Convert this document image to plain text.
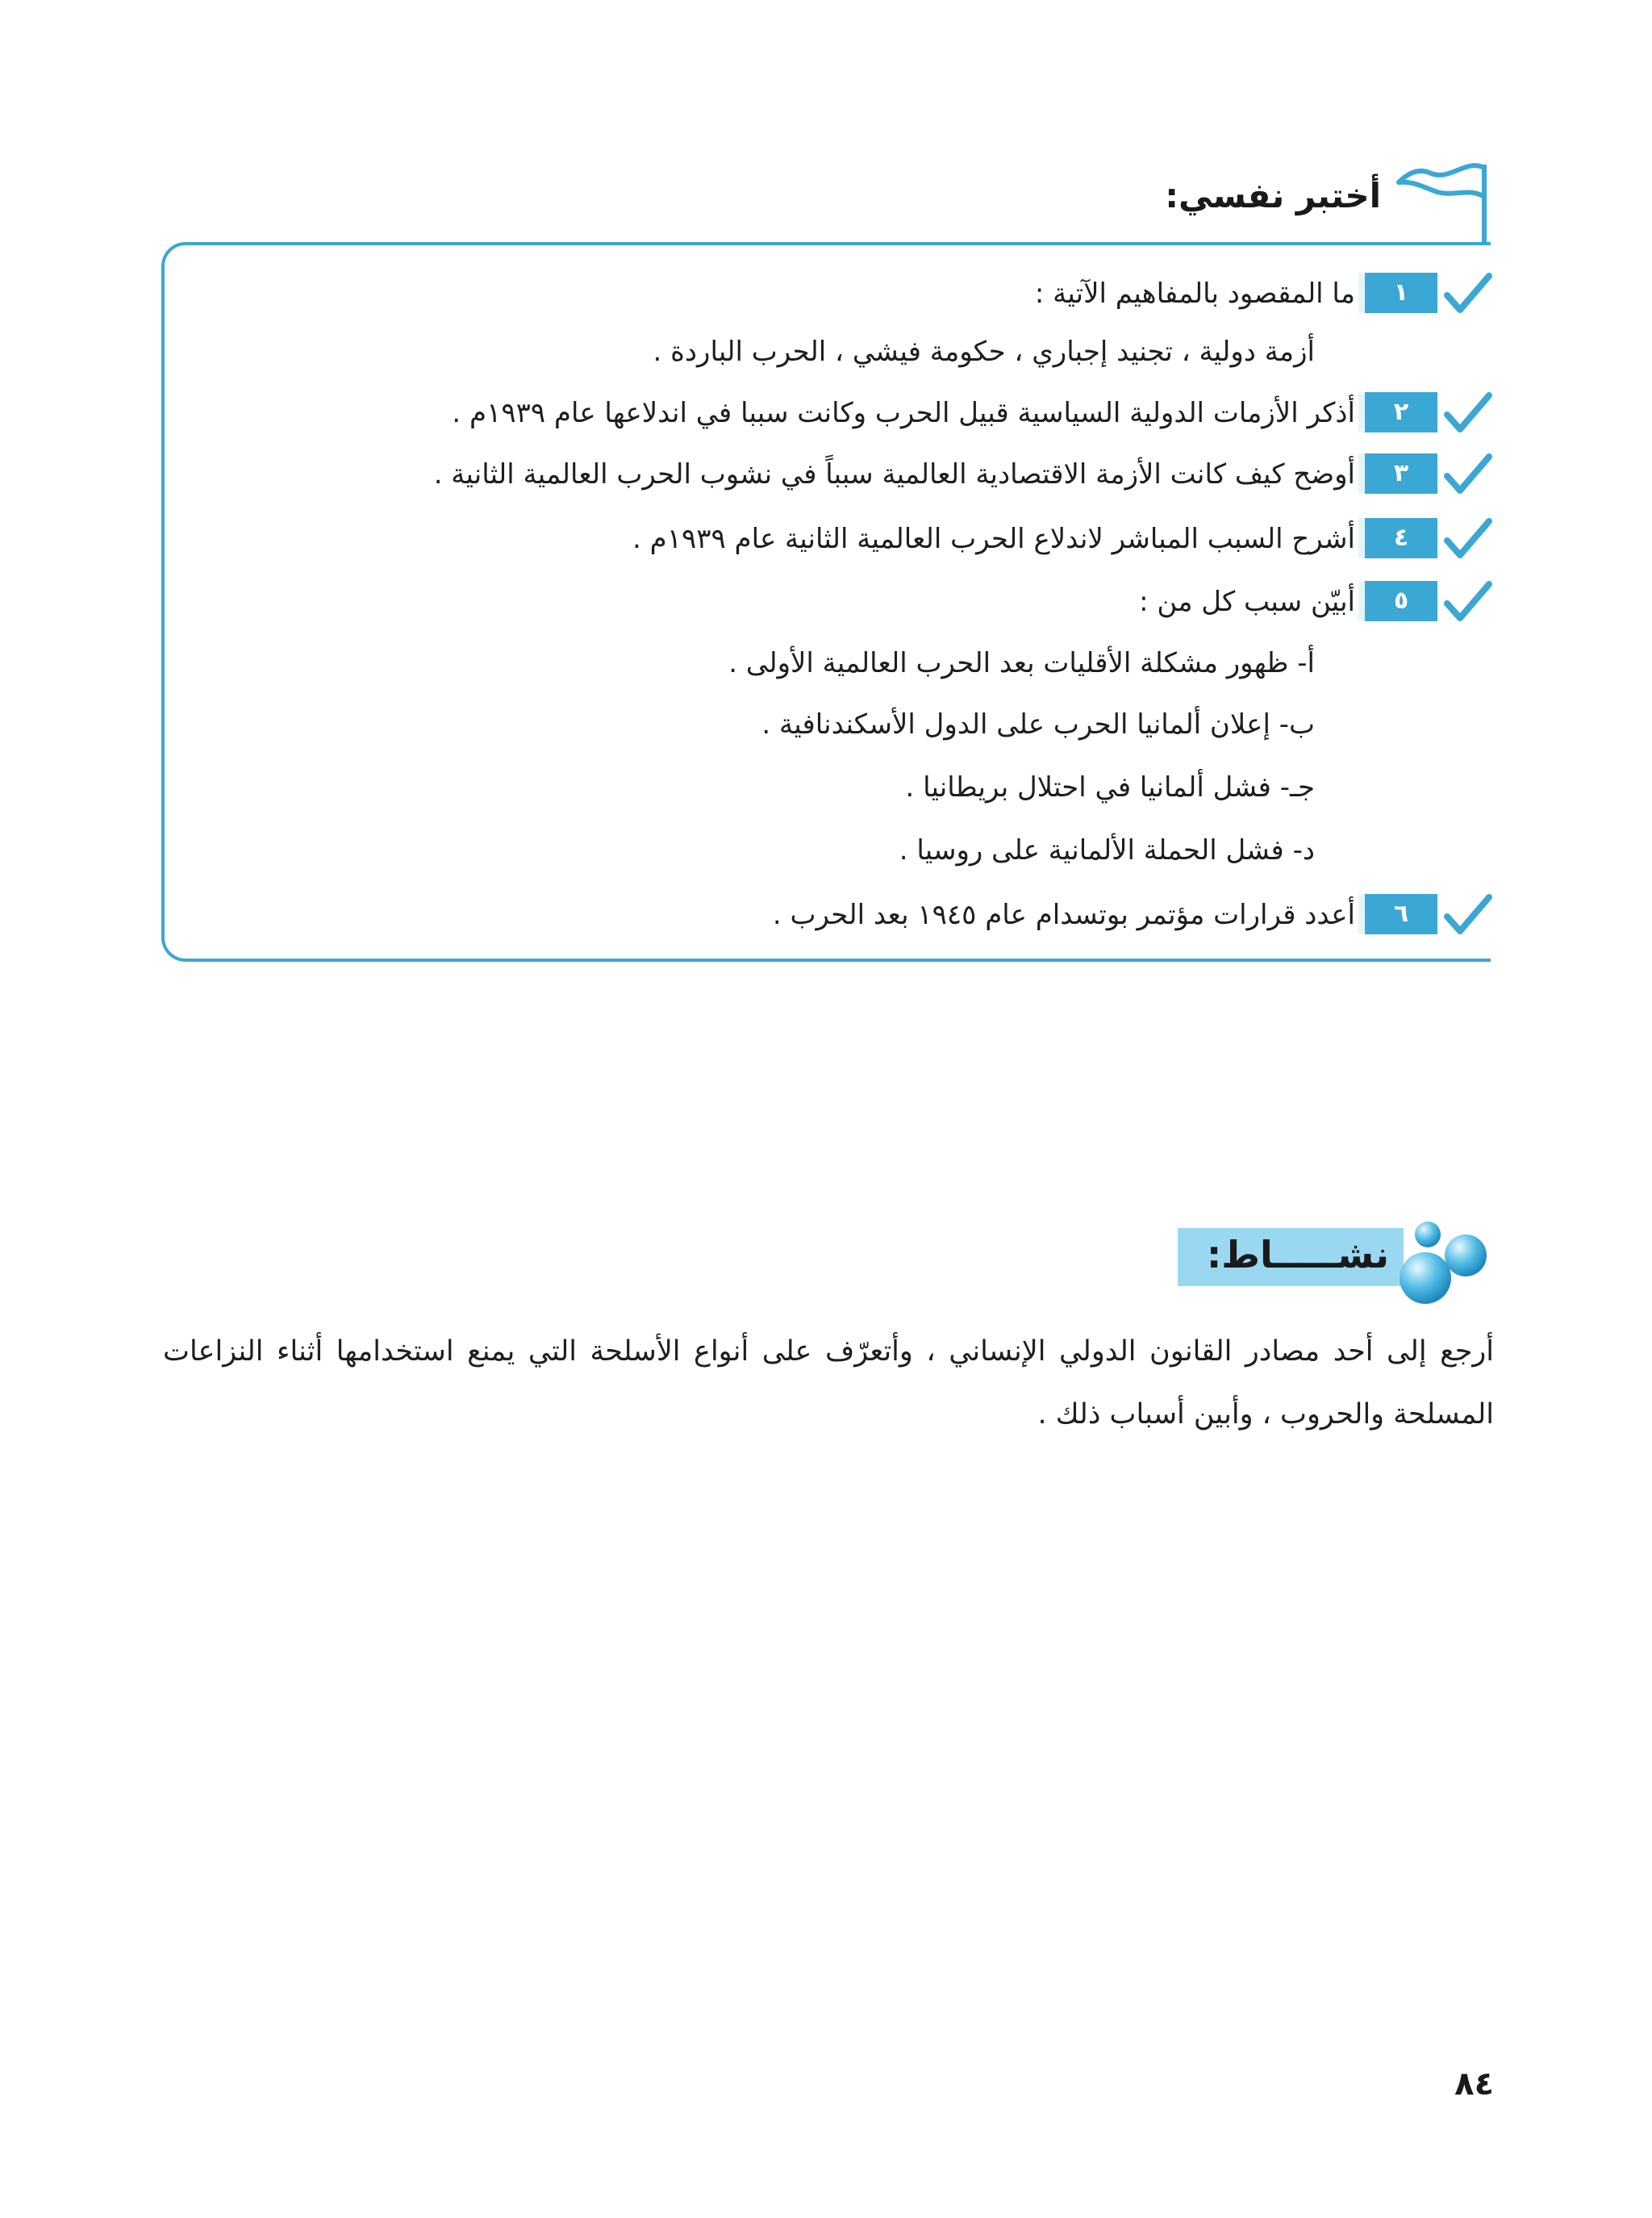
أختبر نفسي:
١
ما المقصود بالمفاهيم الآتية :
أزمة دولية ، تجنيد إجباري ، حكومة فيشي ، الحرب الباردة .
٢
أذكر الأزمات الدولية السياسية قبيل الحرب وكانت سببا في اندلاعها عام ١٩٣٩م .
٣
أوضح كيف كانت الأزمة الاقتصادية العالمية سبباً في نشوب الحرب العالمية الثانية .
٤
أشرح السبب المباشر لاندلاع الحرب العالمية الثانية عام ١٩٣٩م .
٥
أبيّن سبب كل من :
أ- ظهور مشكلة الأقليات بعد الحرب العالمية الأولى .
ب- إعلان ألمانيا الحرب على الدول الأسكندنافية .
جـ- فشل ألمانيا في احتلال بريطانيا .
د- فشل الحملة الألمانية على روسيا .
٦
أعدد قرارات مؤتمر بوتسدام عام ١٩٤٥ بعد الحرب .
نشـــــاط:
أرجع إلى أحد مصادر القانون الدولي الإنساني ، وأتعرّف على أنواع الأسلحة التي يمنع استخدامها أثناء النزاعات المسلحة والحروب ، وأبين أسباب ذلك .
٨٤
